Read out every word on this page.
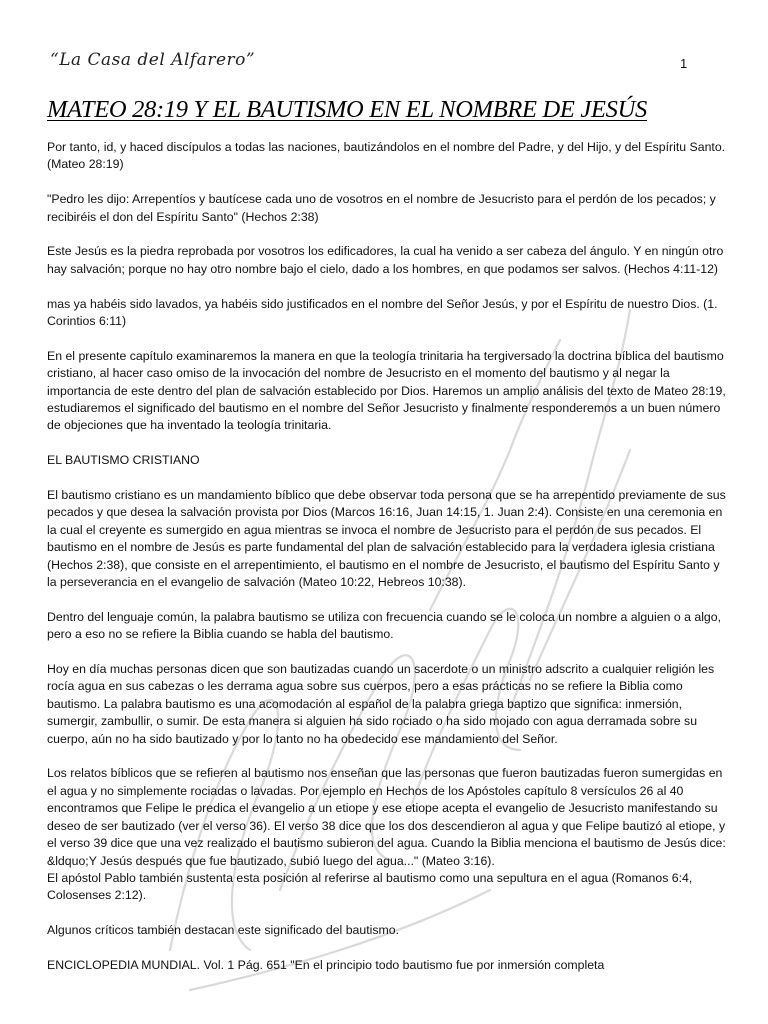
“La Casa del Alfarero”	1
MATEO 28:19 Y EL BAUTISMO EN EL NOMBRE DE JESÚS

Por tanto, id, y haced discípulos a todas las naciones, bautizándolos en el nombre del Padre, y del Hijo, y del Espíritu Santo. (Mateo 28:19)

"Pedro les dijo: Arrepentíos y bautícese cada uno de vosotros en el nombre de Jesucristo para el perdón de los pecados; y recibiréis el don del Espíritu Santo" (Hechos 2:38)

Este Jesús es la piedra reprobada por vosotros los edificadores, la cual ha venido a ser cabeza del ángulo. Y en ningún otro hay salvación; porque no hay otro nombre bajo el cielo, dado a los hombres, en que podamos ser salvos. (Hechos 4:11-12)

mas ya habéis sido lavados, ya habéis sido justificados en el nombre del Señor Jesús, y por el Espíritu de nuestro Dios. (1. Corintios 6:11)

En el presente capítulo examinaremos la manera en que la teología trinitaria ha tergiversado la doctrina bíblica del bautismo cristiano, al hacer caso omiso de la invocación del nombre de Jesucristo en el momento del bautismo y al negar la importancia de este dentro del plan de salvación establecido por Dios. Haremos un amplio análisis del texto de Mateo 28:19, estudiaremos el significado del bautismo en el nombre del Señor Jesucristo y finalmente responderemos a un buen número de objeciones que ha inventado la teología trinitaria.

EL BAUTISMO CRISTIANO

El bautismo cristiano es un mandamiento bíblico que debe observar toda persona que se ha arrepentido previamente de sus pecados y que desea la salvación provista por Dios (Marcos 16:16, Juan 14:15, 1. Juan 2:4). Consiste en una ceremonia en la cual el creyente es sumergido en agua mientras se invoca el nombre de Jesucristo para el perdón de sus pecados. El bautismo en el nombre de Jesús es parte fundamental del plan de salvación establecido para la verdadera iglesia cristiana (Hechos 2:38), que consiste en el arrepentimiento, el bautismo en el nombre de Jesucristo, el bautismo del Espíritu Santo y la perseverancia en el evangelio de salvación (Mateo 10:22, Hebreos 10:38).

Dentro del lenguaje común, la palabra bautismo se utiliza con frecuencia cuando se le coloca un nombre a alguien o a algo, pero a eso no se refiere la Biblia cuando se habla del bautismo.

Hoy en día muchas personas dicen que son bautizadas cuando un sacerdote o un ministro adscrito a cualquier religión les rocía agua en sus cabezas o les derrama agua sobre sus cuerpos, pero a esas prácticas no se refiere la Biblia como bautismo. La palabra bautismo es una acomodación al español de la palabra griega baptizo que significa: inmersión, sumergir, zambullir, o sumir. De esta manera si alguien ha sido rociado o ha sido mojado con agua derramada sobre su cuerpo, aún no ha sido bautizado y por lo tanto no ha obedecido ese mandamiento del Señor.

Los relatos bíblicos que se refieren al bautismo nos enseñan que las personas que fueron bautizadas fueron sumergidas en el agua y no simplemente rociadas o lavadas. Por ejemplo en Hechos de los Apóstoles capítulo 8 versículos 26 al 40 encontramos que Felipe le predica el evangelio a un etiope y ese etiope acepta el evangelio de Jesucristo manifestando su deseo de ser bautizado (ver el verso 36). El verso 38 dice que los dos descendieron al agua y que Felipe bautizó al etiope, y el verso 39 dice que una vez realizado el bautismo subieron del agua. Cuando la Biblia menciona el bautismo de Jesús dice: &ldquo;Y Jesús después que fue bautizado, subió luego del agua..." (Mateo 3:16).

El apóstol Pablo también sustenta esta posición al referirse al bautismo como una sepultura en el agua (Romanos 6:4, Colosenses 2:12).

Algunos críticos también destacan este significado del bautismo.

ENCICLOPEDIA MUNDIAL. Vol. 1 Pág. 651 "En el principio todo bautismo fue por inmersión completa
